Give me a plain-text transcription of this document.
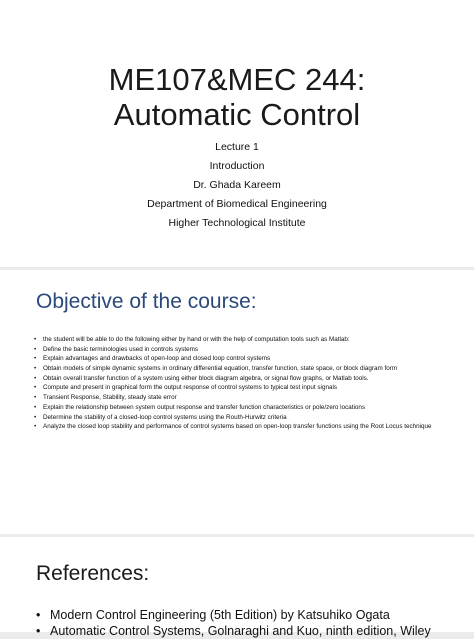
ME107&MEC 244:
Automatic Control
Lecture 1
Introduction
Dr. Ghada Kareem
Department of Biomedical Engineering
Higher Technological Institute
Objective of the course:
• the student will be able to do the following either by hand or with the help of computation tools such as Matlab:
• Define the basic terminologies used in controls systems
• Explain advantages and drawbacks of open-loop and closed loop control systems
• Obtain models of simple dynamic systems in ordinary differential equation, transfer function, state space, or block diagram form
• Obtain overall transfer function of a system using either block diagram algebra, or signal flow graphs, or Matlab tools.
• Compute and present in graphical form the output response of control systems to typical test input signals
• Transient Response, Stability, steady state error
• Explain the relationship between system output response and transfer function characteristics or pole/zero locations
• Determine the stability of a closed-loop control systems using the Routh-Hurwitz criteria
• Analyze the closed loop stability and performance of control systems based on open-loop transfer functions using the Root Locus technique
References:
• Modern Control Engineering (5th Edition) by Katsuhiko Ogata
• Automatic Control Systems, Golnaraghi and Kuo, ninth edition, Wiley
